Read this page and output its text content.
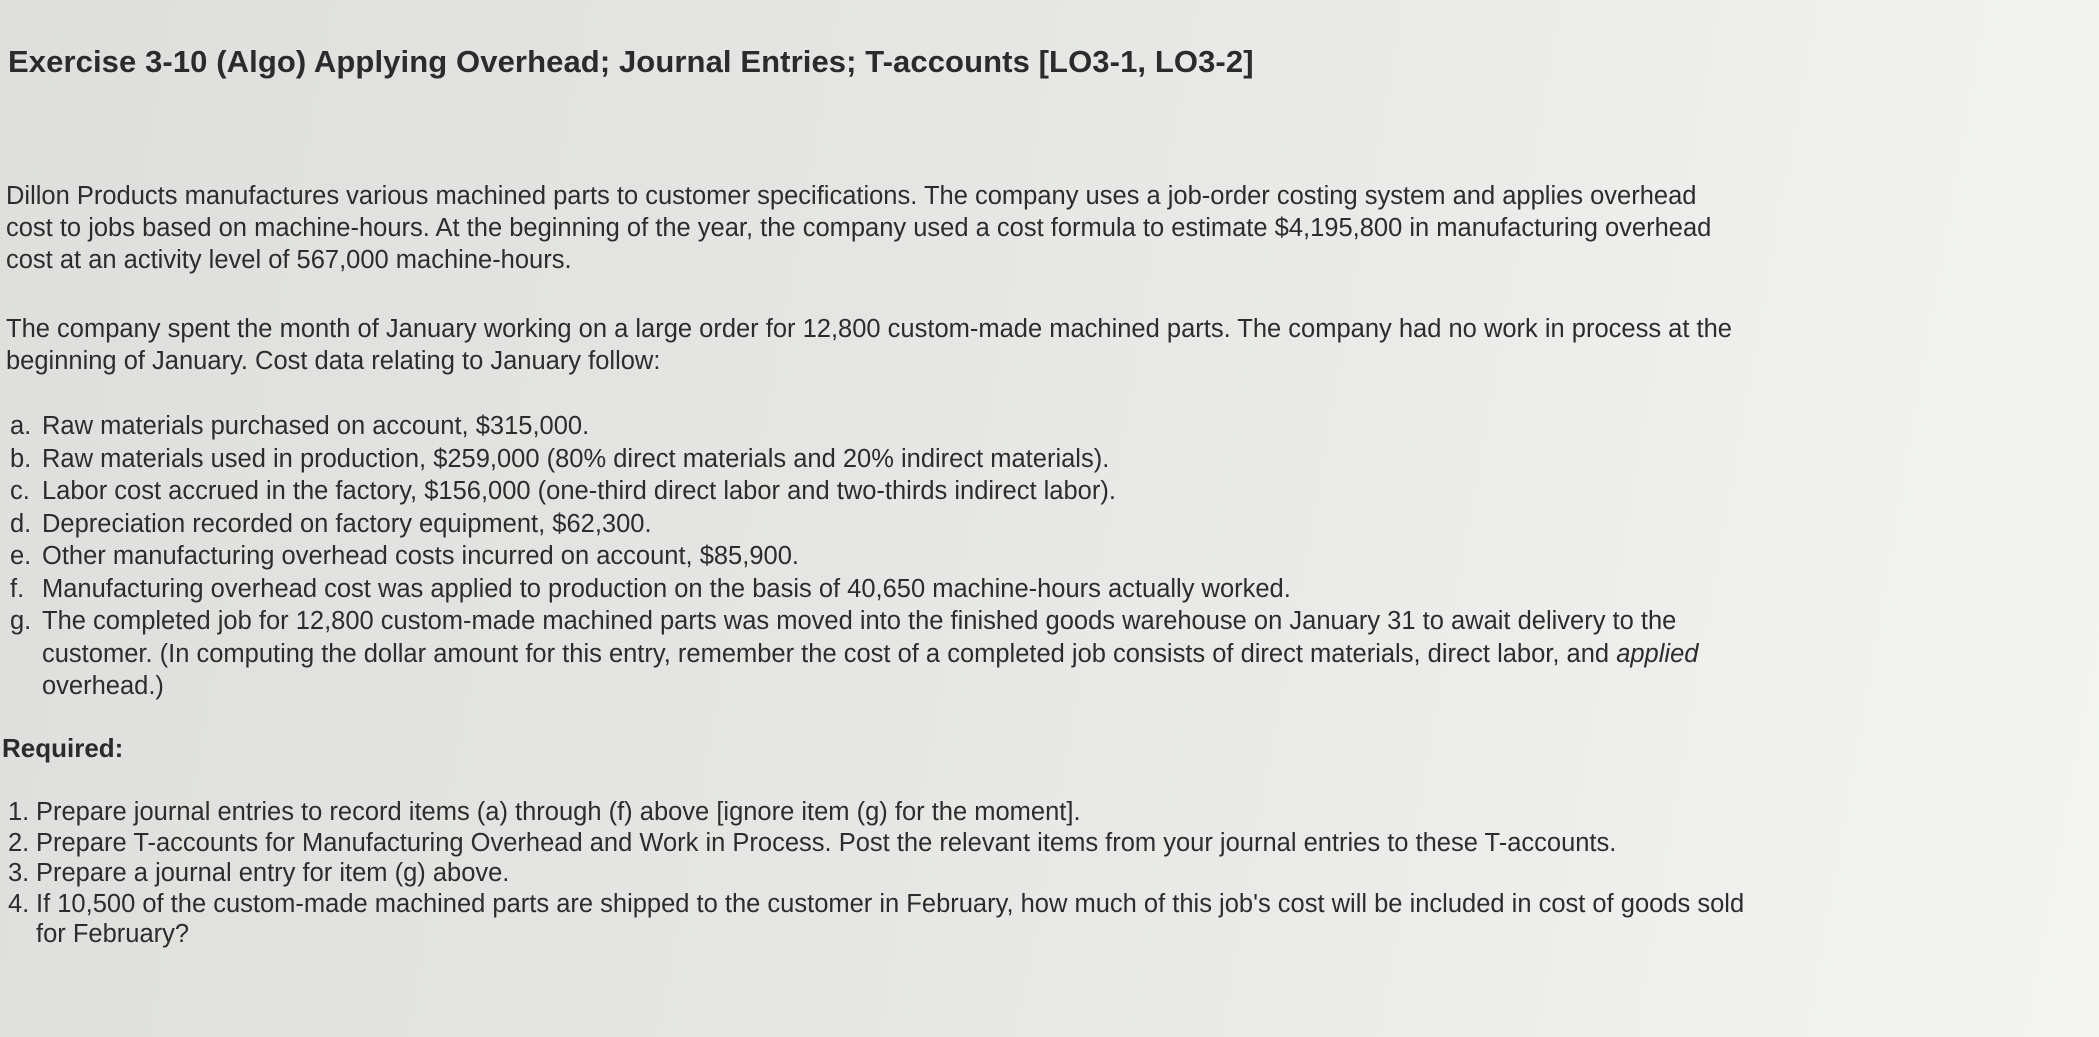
Exercise 3-10 (Algo) Applying Overhead; Journal Entries; T-accounts [LO3-1, LO3-2]

Dillon Products manufactures various machined parts to customer specifications. The company uses a job-order costing system and applies overhead cost to jobs based on machine-hours. At the beginning of the year, the company used a cost formula to estimate $4,195,800 in manufacturing overhead cost at an activity level of 567,000 machine-hours.

The company spent the month of January working on a large order for 12,800 custom-made machined parts. The company had no work in process at the beginning of January. Cost data relating to January follow:

a. Raw materials purchased on account, $315,000.
b. Raw materials used in production, $259,000 (80% direct materials and 20% indirect materials).
c. Labor cost accrued in the factory, $156,000 (one-third direct labor and two-thirds indirect labor).
d. Depreciation recorded on factory equipment, $62,300.
e. Other manufacturing overhead costs incurred on account, $85,900.
f. Manufacturing overhead cost was applied to production on the basis of 40,650 machine-hours actually worked.
g. The completed job for 12,800 custom-made machined parts was moved into the finished goods warehouse on January 31 to await delivery to the customer. (In computing the dollar amount for this entry, remember the cost of a completed job consists of direct materials, direct labor, and applied overhead.)
Required:
1. Prepare journal entries to record items (a) through (f) above [ignore item (g) for the moment].
2. Prepare T-accounts for Manufacturing Overhead and Work in Process. Post the relevant items from your journal entries to these T-accounts.
3. Prepare a journal entry for item (g) above.
4. If 10,500 of the custom-made machined parts are shipped to the customer in February, how much of this job's cost will be included in cost of goods sold for February?
